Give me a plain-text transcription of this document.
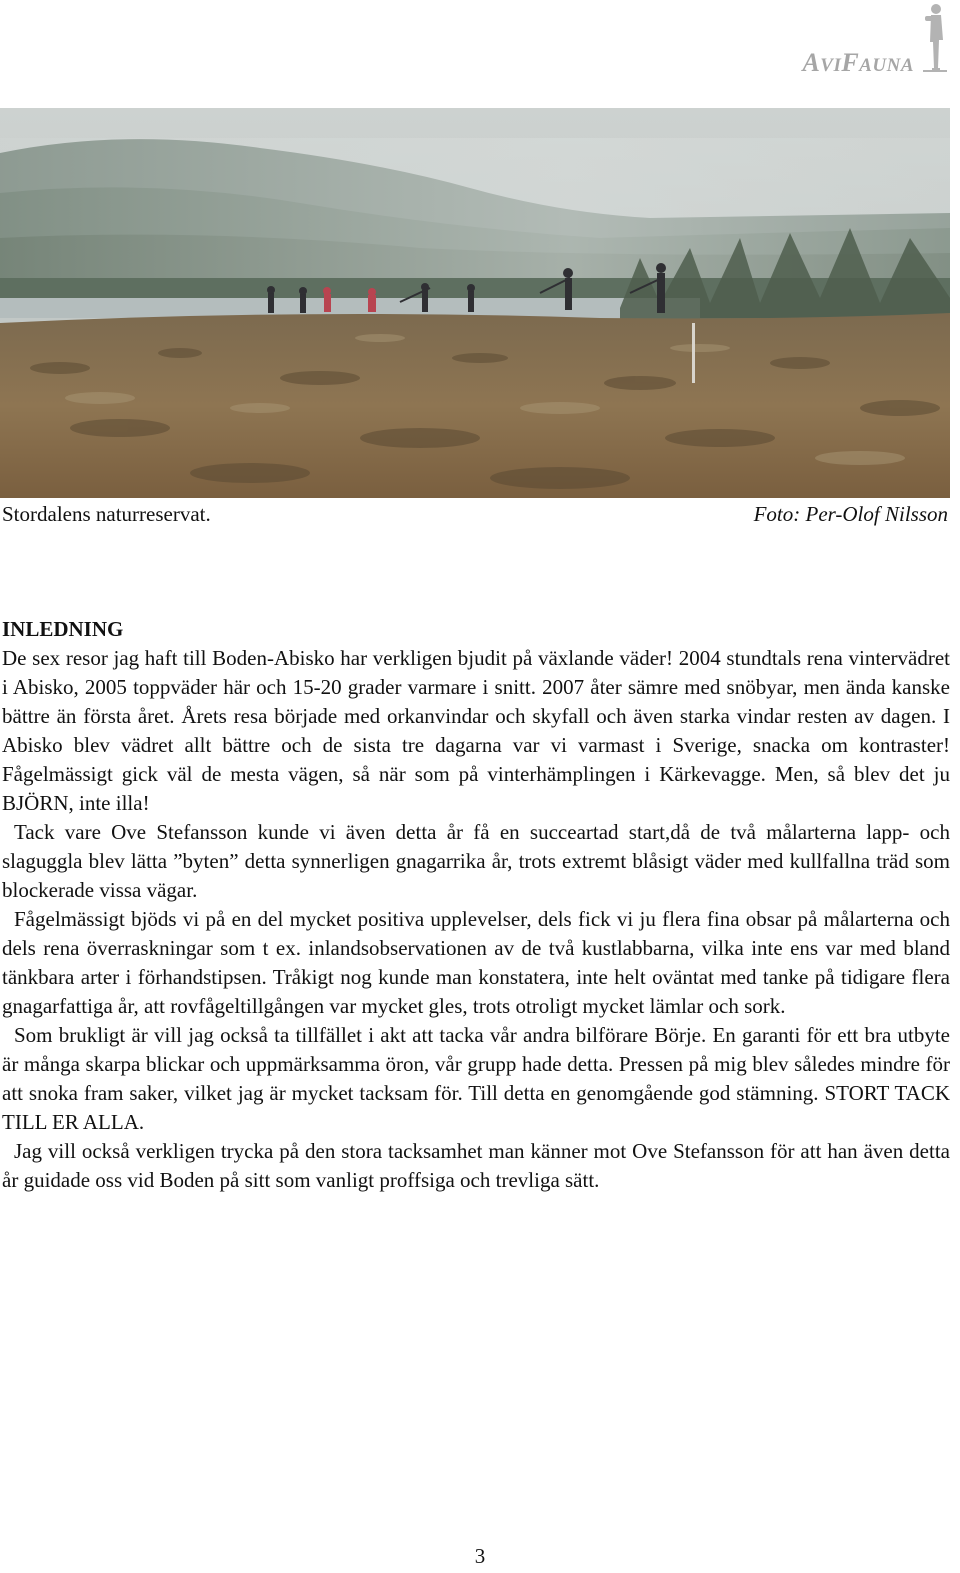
AVIFAUNA
Stordalens naturreservat.	Foto: Per-Olof Nilsson

INLEDNING

De sex resor jag haft till Boden-Abisko har verkligen bjudit på växlande väder! 2004 stundtals rena vintervädret i Abisko, 2005 toppväder här och 15-20 grader varmare i snitt. 2007 åter sämre med snöbyar, men ända kanske bättre än första året. Årets resa började med orkanvindar och skyfall och även starka vindar resten av dagen. I Abisko blev vädret allt bättre och de sista tre dagarna var vi varmast i Sverige, snacka om kontraster! Fågelmässigt gick väl de mesta vägen, så när som på vinterhämplingen i Kärkevagge. Men, så blev det ju BJÖRN, inte illa!

Tack vare Ove Stefansson kunde vi även detta år få en succeartad start,då de två målarterna lapp- och slaguggla blev lätta ”byten” detta synnerligen gnagarrika år, trots extremt blåsigt väder med kullfallna träd som blockerade vissa vägar.

Fågelmässigt bjöds vi på en del mycket positiva upplevelser, dels fick vi ju flera fina obsar på målarterna och dels rena överraskningar som t ex. inlandsobservationen av de två kustlabbarna, vilka inte ens var med bland tänkbara arter i förhandstipsen. Tråkigt nog kunde man konstatera, inte helt oväntat med tanke på tidigare flera gnagarfattiga år, att rovfågeltillgången var mycket gles, trots otroligt mycket lämlar och sork.

Som brukligt är vill jag också ta tillfället i akt att tacka vår andra bilförare Börje. En garanti för ett bra utbyte är många skarpa blickar och uppmärksamma öron, vår grupp hade detta. Pressen på mig blev således mindre för att snoka fram saker, vilket jag är mycket tacksam för. Till detta en genomgående god stämning. STORT TACK TILL ER ALLA.

Jag vill också verkligen trycka på den stora tacksamhet man känner mot Ove Stefansson för att han även detta år guidade oss vid Boden på sitt som vanligt proffsiga och trevliga sätt.

3
